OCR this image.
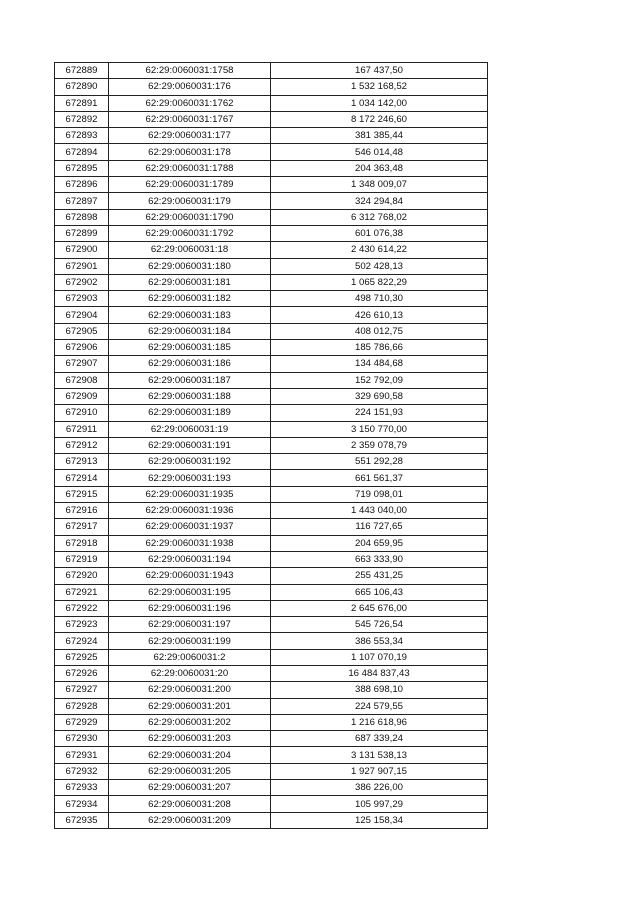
672889	62:29:0060031:1758	167 437,50
672890	62:29:0060031:176	1 532 168,52
672891	62:29:0060031:1762	1 034 142,00
672892	62:29:0060031:1767	8 172 246,60
672893	62:29:0060031:177	381 385,44
672894	62:29:0060031:178	546 014,48
672895	62:29:0060031:1788	204 363,48
672896	62:29:0060031:1789	1 348 009,07
672897	62:29:0060031:179	324 294,84
672898	62:29:0060031:1790	6 312 768,02
672899	62:29:0060031:1792	601 076,38
672900	62:29:0060031:18	2 430 614,22
672901	62:29:0060031:180	502 428,13
672902	62:29:0060031:181	1 065 822,29
672903	62:29:0060031:182	498 710,30
672904	62:29:0060031:183	426 610,13
672905	62:29:0060031:184	408 012,75
672906	62:29:0060031:185	185 786,66
672907	62:29:0060031:186	134 484,68
672908	62:29:0060031:187	152 792,09
672909	62:29:0060031:188	329 690,58
672910	62:29:0060031:189	224 151,93
672911	62:29:0060031:19	3 150 770,00
672912	62:29:0060031:191	2 359 078,79
672913	62:29:0060031:192	551 292,28
672914	62:29:0060031:193	661 561,37
672915	62:29:0060031:1935	719 098,01
672916	62:29:0060031:1936	1 443 040,00
672917	62:29:0060031:1937	116 727,65
672918	62:29:0060031:1938	204 659,95
672919	62:29:0060031:194	663 333,90
672920	62:29:0060031:1943	255 431,25
672921	62:29:0060031:195	665 106,43
672922	62:29:0060031:196	2 645 676,00
672923	62:29:0060031:197	545 726,54
672924	62:29:0060031:199	386 553,34
672925	62:29:0060031:2	1 107 070,19
672926	62:29:0060031:20	16 484 837,43
672927	62:29:0060031:200	388 698,10
672928	62:29:0060031:201	224 579,55
672929	62:29:0060031:202	1 216 618,96
672930	62:29:0060031:203	687 339,24
672931	62:29:0060031:204	3 131 538,13
672932	62:29:0060031:205	1 927 907,15
672933	62:29:0060031:207	386 226,00
672934	62:29:0060031:208	105 997,29
672935	62:29:0060031:209	125 158,34
